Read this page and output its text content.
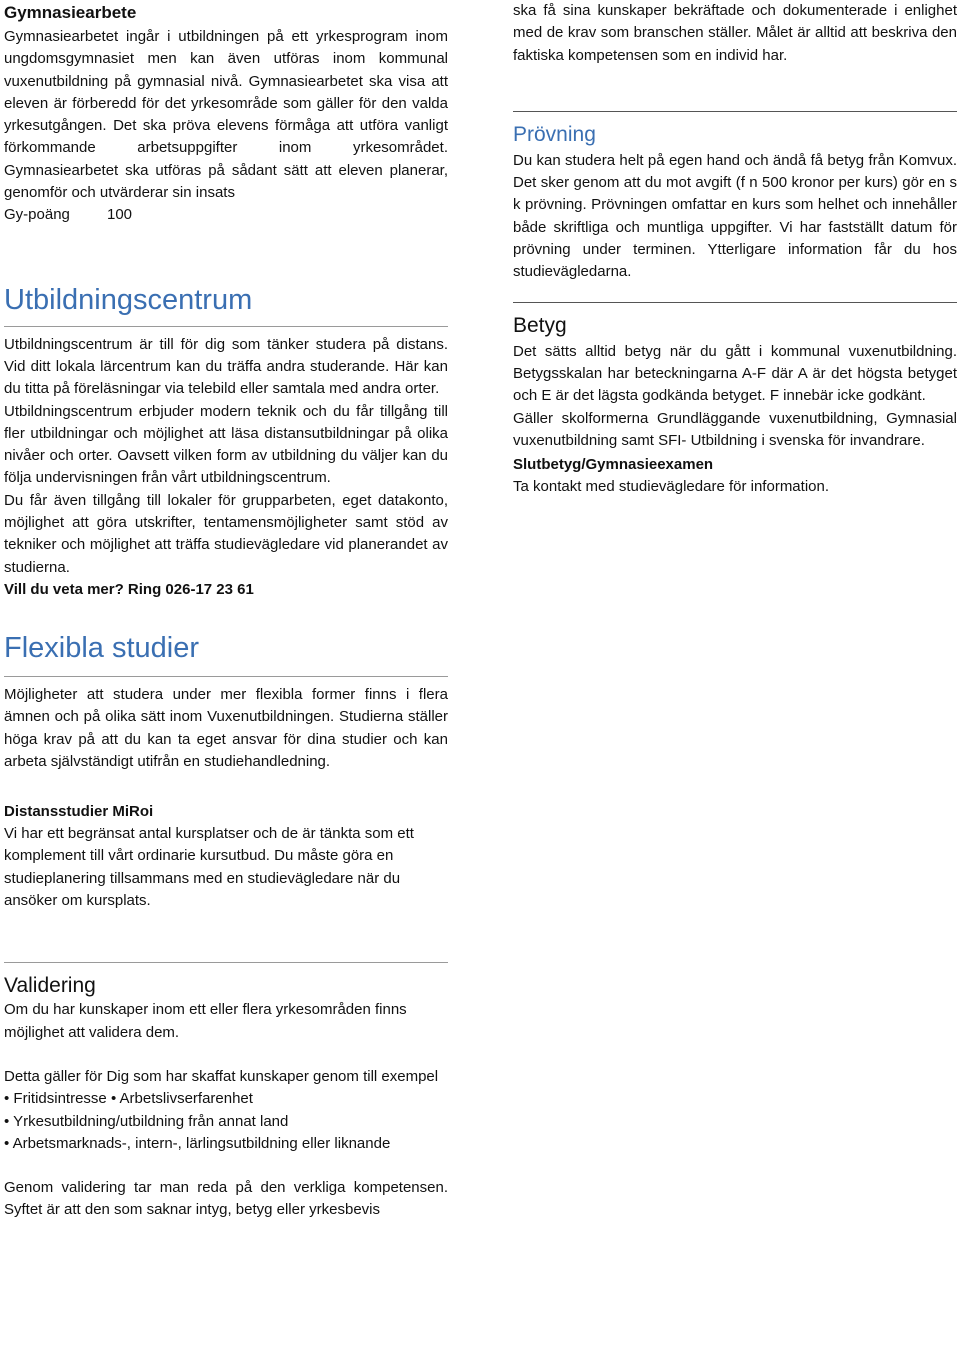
Gymnasiearbete

Gymnasiearbetet ingår i utbildningen på ett yrkesprogram inom ungdomsgymnasiet men kan även utföras inom kommunal vuxenutbildning på gymnasial nivå. Gymnasiearbetet ska visa att eleven är förberedd för det yrkesområde som gäller för den valda yrkesutgången. Det ska pröva elevens förmåga att utföra vanligt förkommande arbetsuppgifter inom yrkesområdet. Gymnasiearbetet ska utföras på sådant sätt att eleven planerar, genomför och utvärderar sin insats

Gy-poäng 100

Utbildningscentrum

Utbildningscentrum är till för dig som tänker studera på distans. Vid ditt lokala lärcentrum kan du träffa andra studerande. Här kan du titta på föreläsningar via telebild eller samtala med andra orter.

Utbildningscentrum erbjuder modern teknik och du får tillgång till fler utbildningar och möjlighet att läsa distansutbildningar på olika nivåer och orter. Oavsett vilken form av utbildning du väljer kan du följa undervisningen från vårt utbildningscentrum.

Du får även tillgång till lokaler för grupparbeten, eget datakonto, möjlighet att göra utskrifter, tentamensmöjligheter samt stöd av tekniker och möjlighet att träffa studievägledare vid planerandet av studierna.

Vill du veta mer? Ring 026-17 23 61

Flexibla studier

Möjligheter att studera under mer flexibla former finns i flera ämnen och på olika sätt inom Vuxenutbildningen. Studierna ställer höga krav på att du kan ta eget ansvar för dina studier och kan arbeta självständigt utifrån en studiehandledning.

Distansstudier MiRoi

Vi har ett begränsat antal kursplatser och de är tänkta som ett komplement till vårt ordinarie kursutbud. Du måste göra en studieplanering tillsammans med en studievägledare när du ansöker om kursplats.

Validering

Om du har kunskaper inom ett eller flera yrkesområden finns möjlighet att validera dem.

Detta gäller för Dig som har skaffat kunskaper genom till exempel

• Fritidsintresse • Arbetslivserfarenhet
• Yrkesutbildning/utbildning från annat land
• Arbetsmarknads-, intern-, lärlingsutbildning eller liknande

Genom validering tar man reda på den verkliga kompetensen. Syftet är att den som saknar intyg, betyg eller yrkesbevis

ska få sina kunskaper bekräftade och dokumenterade i enlighet med de krav som branschen ställer. Målet är alltid att beskriva den faktiska kompetensen som en individ har.

Prövning

Du kan studera helt på egen hand och ändå få betyg från Komvux. Det sker genom att du mot avgift (f n 500 kronor per kurs) gör en s k prövning. Prövningen omfattar en kurs som helhet och innehåller både skriftliga och muntliga uppgifter. Vi har fastställt datum för prövning under terminen. Ytterligare information får du hos studievägledarna.

Betyg

Det sätts alltid betyg när du gått i kommunal vuxenutbildning. Betygsskalan har beteckningarna A-F där A är det högsta betyget och E är det lägsta godkända betyget. F innebär icke godkänt.

Gäller skolformerna Grundläggande vuxenutbildning, Gymnasial vuxenutbildning samt SFI- Utbildning i svenska för invandrare.

Slutbetyg/Gymnasieexamen

Ta kontakt med studievägledare för information.
